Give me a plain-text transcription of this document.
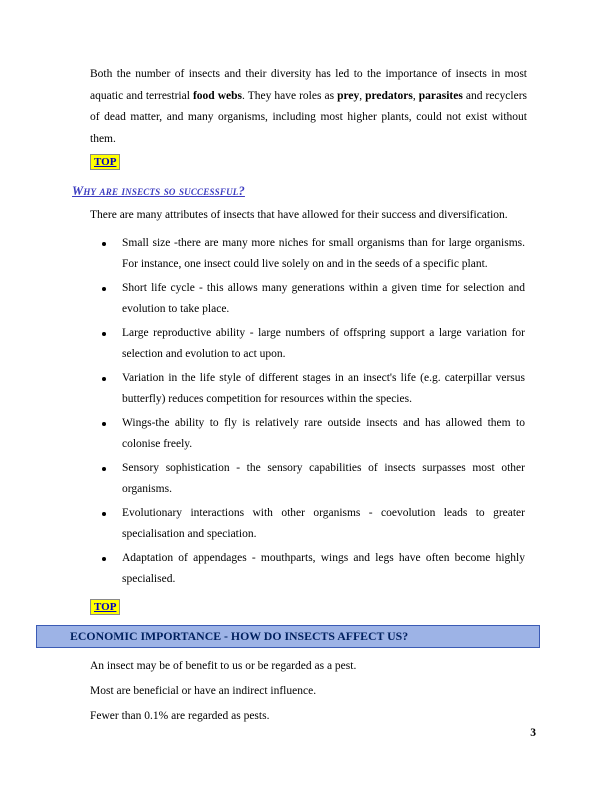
Both the number of insects and their diversity has led to the importance of insects in most aquatic and terrestrial food webs. They have roles as prey, predators, parasites and recyclers of dead matter, and many organisms, including most higher plants, could not exist without them.

TOP
Why are insects so successful?

There are many attributes of insects that have allowed for their success and diversification.

Small size -there are many more niches for small organisms than for large organisms. For instance, one insect could live solely on and in the seeds of a specific plant.
Short life cycle - this allows many generations within a given time for selection and evolution to take place.
Large reproductive ability - large numbers of offspring support a large variation for selection and evolution to act upon.
Variation in the life style of different stages in an insect's life (e.g. caterpillar versus butterfly) reduces competition for resources within the species.
Wings-the ability to fly is relatively rare outside insects and has allowed them to colonise freely.
Sensory sophistication - the sensory capabilities of insects surpasses most other organisms.
Evolutionary interactions with other organisms - coevolution leads to greater specialisation and speciation.
Adaptation of appendages - mouthparts, wings and legs have often become highly specialised.
TOP
ECONOMIC IMPORTANCE - HOW DO INSECTS AFFECT US?

An insect may be of benefit to us or be regarded as a pest.

Most are beneficial or have an indirect influence.

Fewer than 0.1% are regarded as pests.

3
